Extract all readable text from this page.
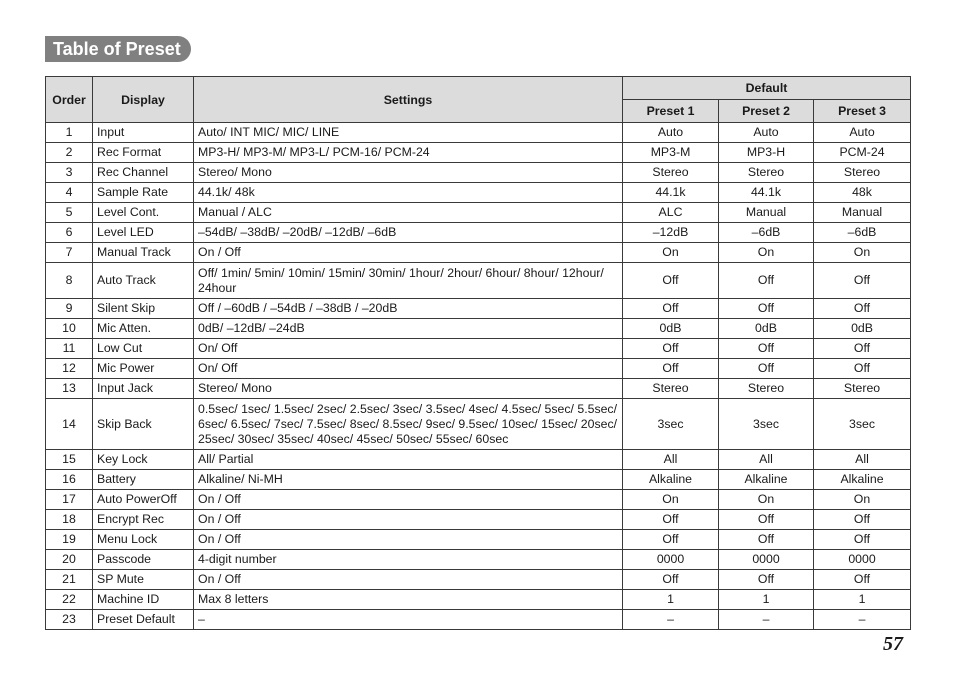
Table of Preset
Order	Display	Settings	Default		
			Preset 1	Preset 2	Preset 3
1	Input	Auto/ INT MIC/ MIC/ LINE	Auto	Auto	Auto
2	Rec Format	MP3-H/ MP3-M/ MP3-L/ PCM-16/ PCM-24	MP3-M	MP3-H	PCM-24
3	Rec Channel	Stereo/ Mono	Stereo	Stereo	Stereo
4	Sample Rate	44.1k/ 48k	44.1k	44.1k	48k
5	Level Cont.	Manual / ALC	ALC	Manual	Manual
6	Level LED	–54dB/ –38dB/ –20dB/ –12dB/ –6dB	–12dB	–6dB	–6dB
7	Manual Track	On / Off	On	On	On
8	Auto Track	Off/ 1min/ 5min/ 10min/ 15min/ 30min/ 1hour/ 2hour/ 6hour/ 8hour/ 12hour/ 24hour	Off	Off	Off
9	Silent Skip	Off / –60dB / –54dB / –38dB / –20dB	Off	Off	Off
10	Mic Atten.	0dB/ –12dB/ –24dB	0dB	0dB	0dB
11	Low Cut	On/ Off	Off	Off	Off
12	Mic Power	On/ Off	Off	Off	Off
13	Input Jack	Stereo/ Mono	Stereo	Stereo	Stereo
14	Skip Back	0.5sec/ 1sec/ 1.5sec/ 2sec/ 2.5sec/ 3sec/ 3.5sec/ 4sec/ 4.5sec/ 5sec/ 5.5sec/ 6sec/ 6.5sec/ 7sec/ 7.5sec/ 8sec/ 8.5sec/ 9sec/ 9.5sec/ 10sec/ 15sec/ 20sec/ 25sec/ 30sec/ 35sec/ 40sec/ 45sec/ 50sec/ 55sec/ 60sec	3sec	3sec	3sec
15	Key Lock	All/ Partial	All	All	All
16	Battery	Alkaline/ Ni-MH	Alkaline	Alkaline	Alkaline
17	Auto PowerOff	On / Off	On	On	On
18	Encrypt Rec	On / Off	Off	Off	Off
19	Menu Lock	On / Off	Off	Off	Off
20	Passcode	4-digit number	0000	0000	0000
21	SP Mute	On / Off	Off	Off	Off
22	Machine ID	Max 8 letters	1	1	1
23	Preset Default	–	–	–	–
57
